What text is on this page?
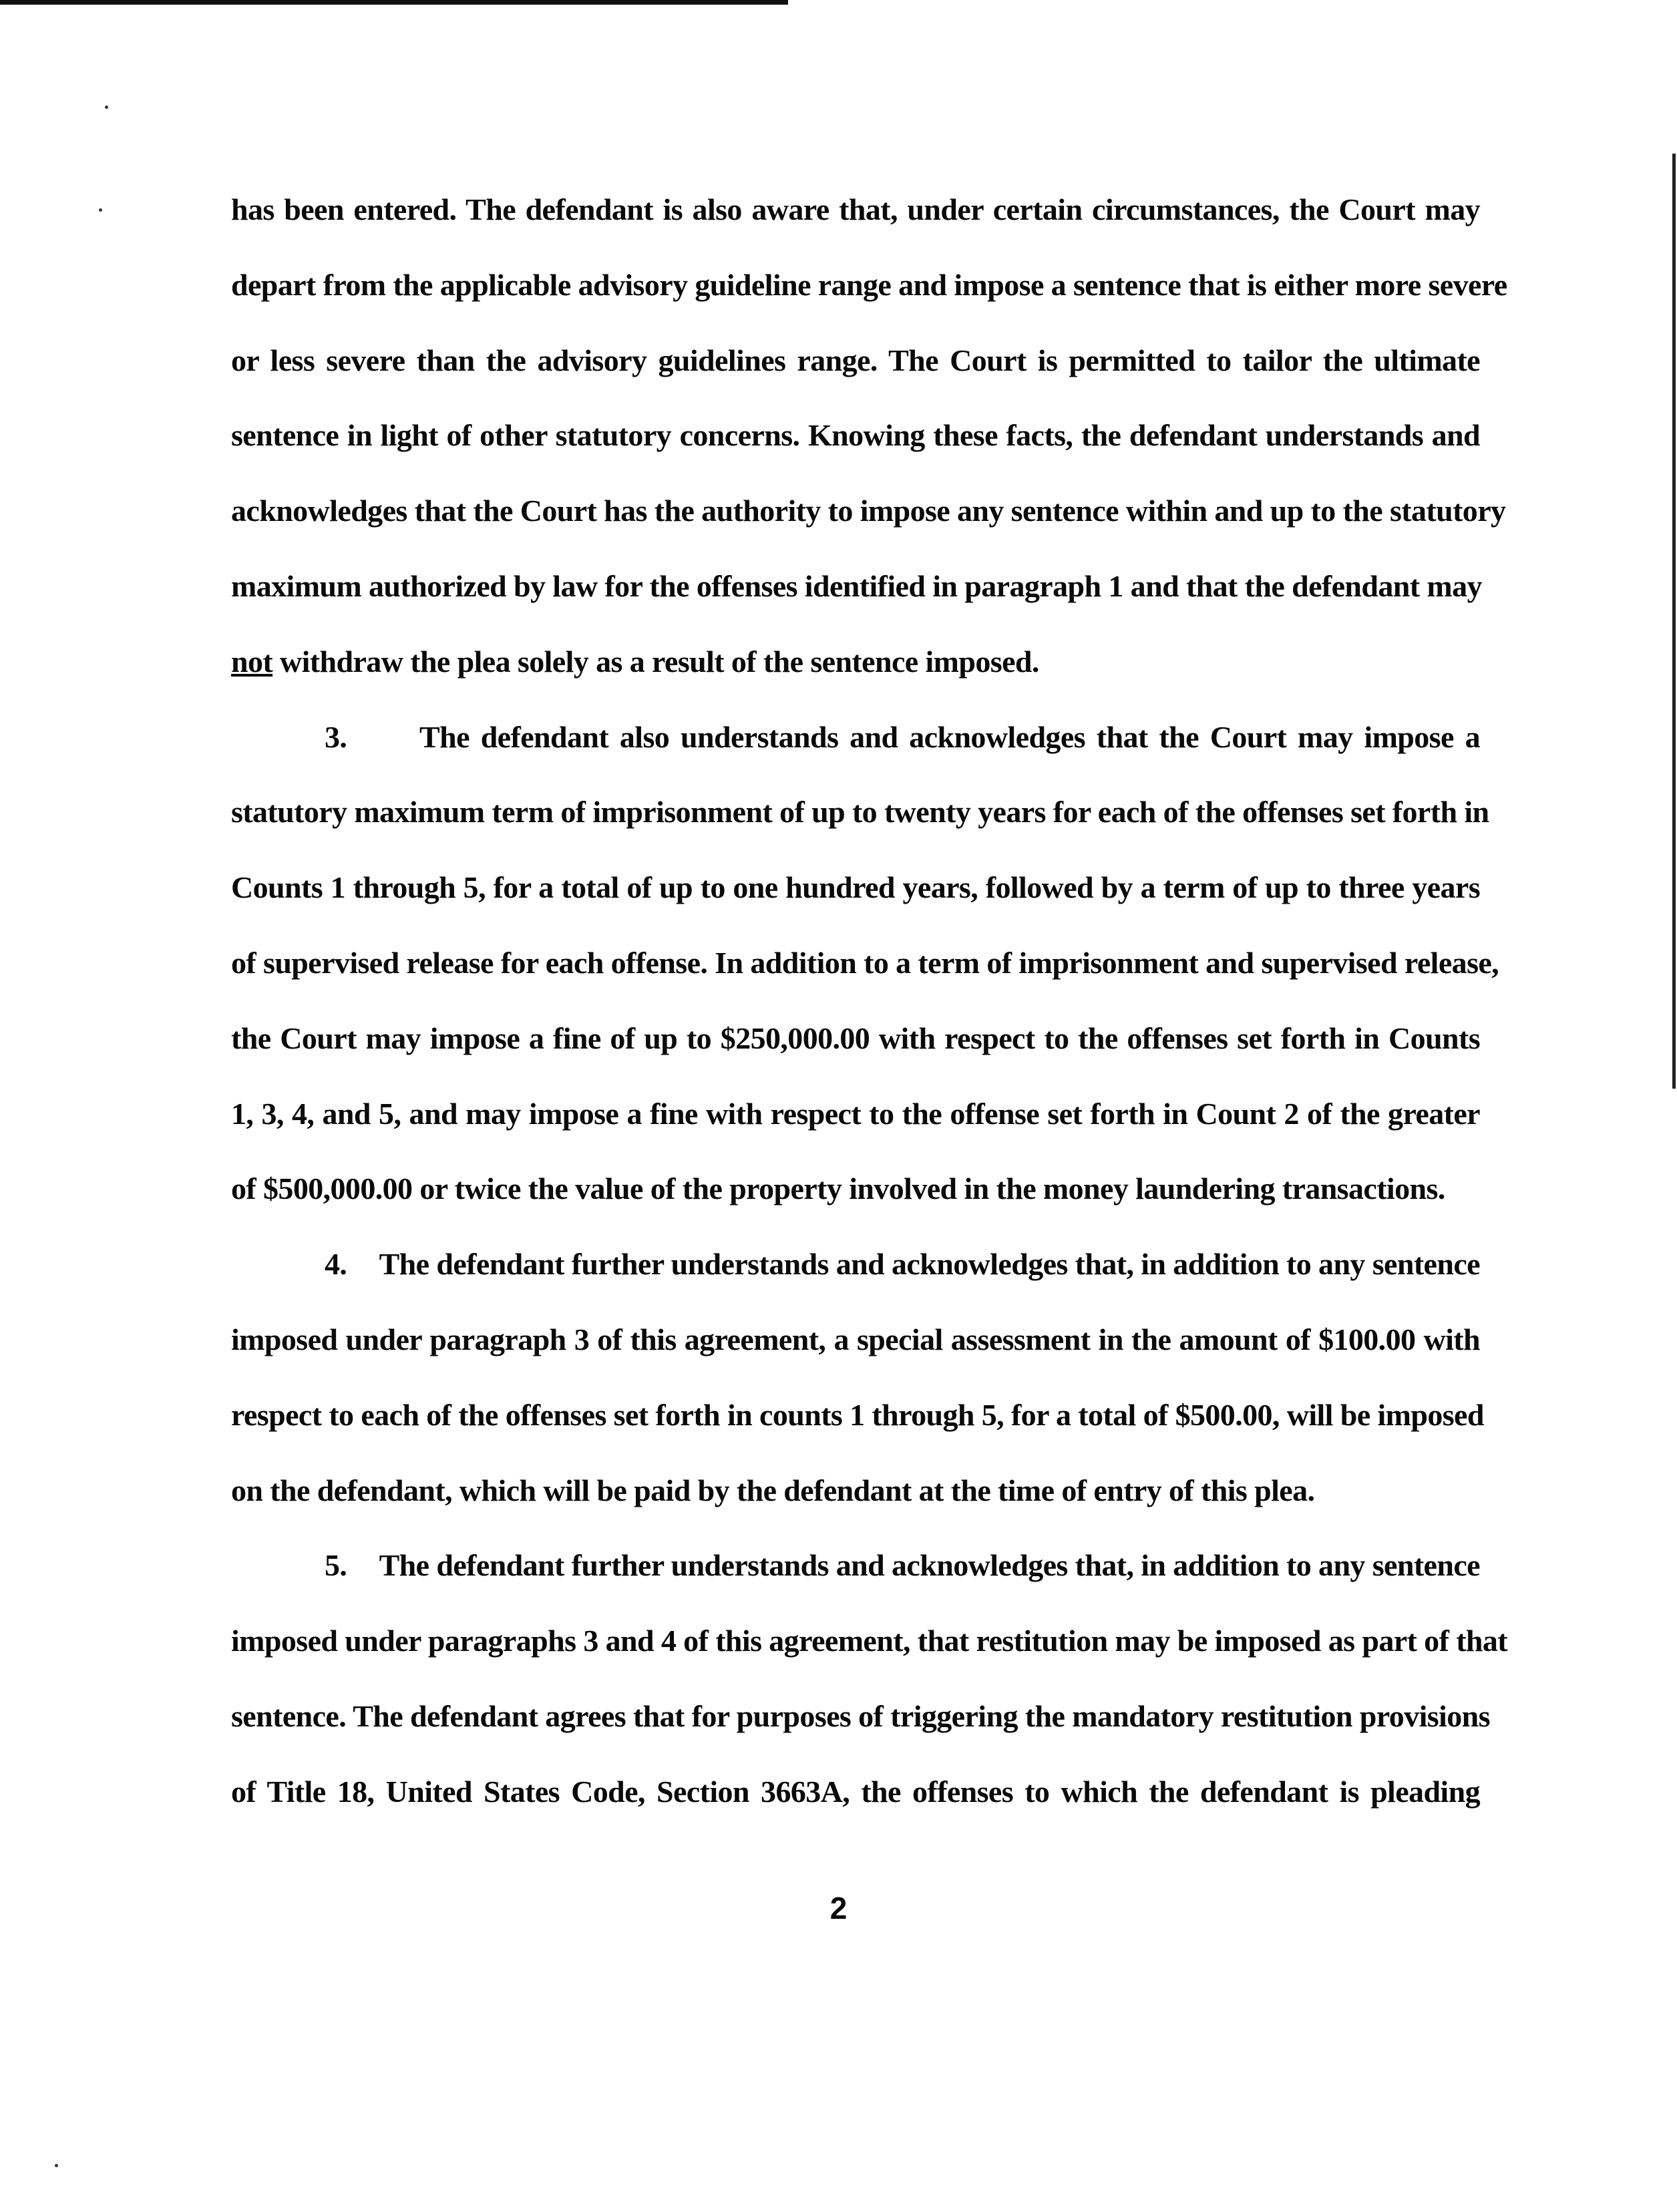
has been entered. The defendant is also aware that, under certain circumstances, the Court may
depart from the applicable advisory guideline range and impose a sentence that is either more severe
or less severe than the advisory guidelines range. The Court is permitted to tailor the ultimate
sentence in light of other statutory concerns. Knowing these facts, the defendant understands and
acknowledges that the Court has the authority to impose any sentence within and up to the statutory
maximum authorized by law for the offenses identified in paragraph 1 and that the defendant may
not withdraw the plea solely as a result of the sentence imposed.
3.	The defendant also understands and acknowledges that the Court may impose a
statutory maximum term of imprisonment of up to twenty years for each of the offenses set forth in
Counts 1 through 5, for a total of up to one hundred years, followed by a term of up to three years
of supervised release for each offense. In addition to a term of imprisonment and supervised release,
the Court may impose a fine of up to $250,000.00 with respect to the offenses set forth in Counts
1, 3, 4, and 5, and may impose a fine with respect to the offense set forth in Count 2 of the greater
of $500,000.00 or twice the value of the property involved in the money laundering transactions.
4.	The defendant further understands and acknowledges that, in addition to any sentence
imposed under paragraph 3 of this agreement, a special assessment in the amount of $100.00 with
respect to each of the offenses set forth in counts 1 through 5, for a total of $500.00, will be imposed
on the defendant, which will be paid by the defendant at the time of entry of this plea.
5.	The defendant further understands and acknowledges that, in addition to any sentence
imposed under paragraphs 3 and 4 of this agreement, that restitution may be imposed as part of that
sentence. The defendant agrees that for purposes of triggering the mandatory restitution provisions
of Title 18, United States Code, Section 3663A, the offenses to which the defendant is pleading
2
